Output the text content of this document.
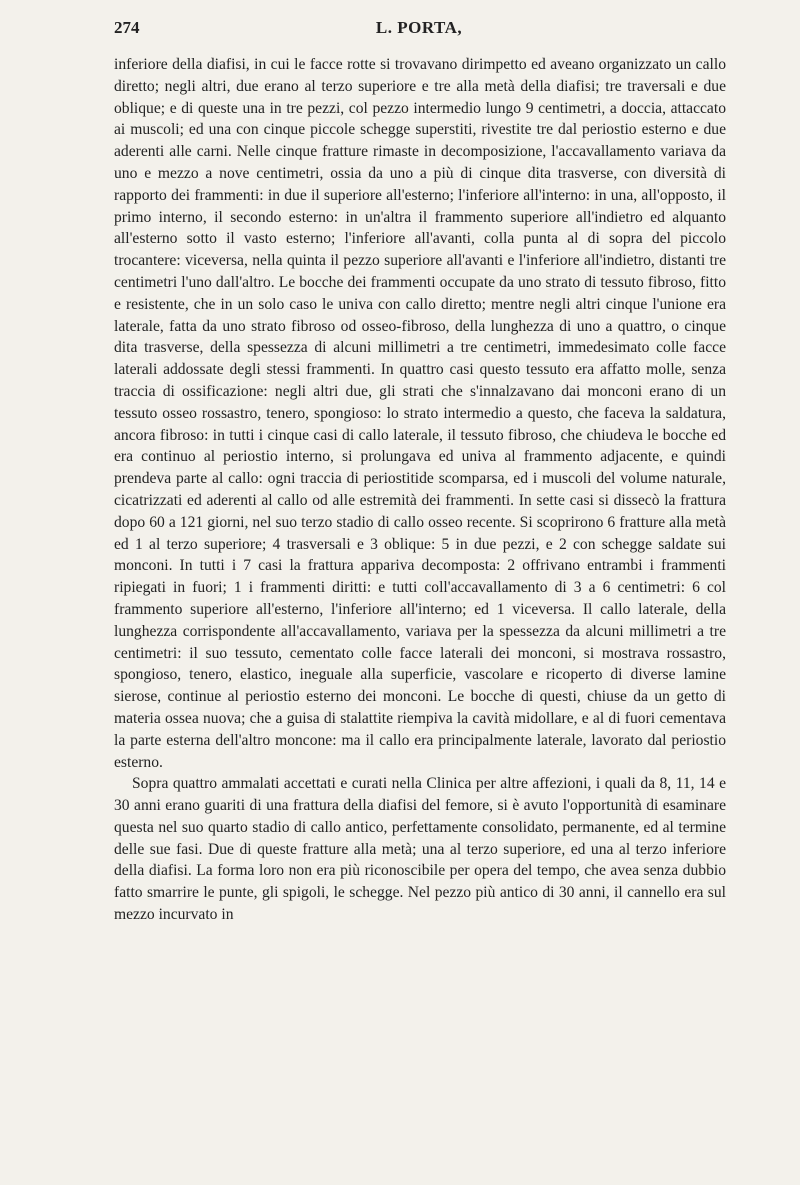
274	L. PORTA,

inferiore della diafisi, in cui le facce rotte si trovavano dirimpetto ed aveano organizzato un callo diretto; negli altri, due erano al terzo superiore e tre alla metà della diafisi; tre traversali e due oblique; e di queste una in tre pezzi, col pezzo intermedio lungo 9 centimetri, a doccia, attaccato ai muscoli; ed una con cinque piccole schegge superstiti, rivestite tre dal periostio esterno e due aderenti alle carni. Nelle cinque fratture rimaste in decomposizione, l'accavallamento variava da uno e mezzo a nove centimetri, ossia da uno a più di cinque dita trasverse, con diversità di rapporto dei frammenti: in due il superiore all'esterno; l'inferiore all'interno: in una, all'opposto, il primo interno, il secondo esterno: in un'altra il frammento superiore all'indietro ed alquanto all'esterno sotto il vasto esterno; l'inferiore all'avanti, colla punta al di sopra del piccolo trocantere: viceversa, nella quinta il pezzo superiore all'avanti e l'inferiore all'indietro, distanti tre centimetri l'uno dall'altro. Le bocche dei frammenti occupate da uno strato di tessuto fibroso, fitto e resistente, che in un solo caso le univa con callo diretto; mentre negli altri cinque l'unione era laterale, fatta da uno strato fibroso od osseo-fibroso, della lunghezza di uno a quattro, o cinque dita trasverse, della spessezza di alcuni millimetri a tre centimetri, immedesimato colle facce laterali addossate degli stessi frammenti. In quattro casi questo tessuto era affatto molle, senza traccia di ossificazione: negli altri due, gli strati che s'innalzavano dai monconi erano di un tessuto osseo rossastro, tenero, spongioso: lo strato intermedio a questo, che faceva la saldatura, ancora fibroso: in tutti i cinque casi di callo laterale, il tessuto fibroso, che chiudeva le bocche ed era continuo al periostio interno, si prolungava ed univa al frammento adjacente, e quindi prendeva parte al callo: ogni traccia di periostitide scomparsa, ed i muscoli del volume naturale, cicatrizzati ed aderenti al callo od alle estremità dei frammenti. In sette casi si dissecò la frattura dopo 60 a 121 giorni, nel suo terzo stadio di callo osseo recente. Si scoprirono 6 fratture alla metà ed 1 al terzo superiore; 4 trasversali e 3 oblique: 5 in due pezzi, e 2 con schegge saldate sui monconi. In tutti i 7 casi la frattura appariva decomposta: 2 offrivano entrambi i frammenti ripiegati in fuori; 1 i frammenti diritti: e tutti coll'accavallamento di 3 a 6 centimetri: 6 col frammento superiore all'esterno, l'inferiore all'interno; ed 1 viceversa. Il callo laterale, della lunghezza corrispondente all'accavallamento, variava per la spessezza da alcuni millimetri a tre centimetri: il suo tessuto, cementato colle facce laterali dei monconi, si mostrava rossastro, spongioso, tenero, elastico, ineguale alla superficie, vascolare e ricoperto di diverse lamine sierose, continue al periostio esterno dei monconi. Le bocche di questi, chiuse da un getto di materia ossea nuova; che a guisa di stalattite riempiva la cavità midollare, e al di fuori cementava la parte esterna dell'altro moncone: ma il callo era principalmente laterale, lavorato dal periostio esterno.

Sopra quattro ammalati accettati e curati nella Clinica per altre affezioni, i quali da 8, 11, 14 e 30 anni erano guariti di una frattura della diafisi del femore, si è avuto l'opportunità di esaminare questa nel suo quarto stadio di callo antico, perfettamente consolidato, permanente, ed al termine delle sue fasi. Due di queste fratture alla metà; una al terzo superiore, ed una al terzo inferiore della diafisi. La forma loro non era più riconoscibile per opera del tempo, che avea senza dubbio fatto smarrire le punte, gli spigoli, le schegge. Nel pezzo più antico di 30 anni, il cannello era sul mezzo incurvato in
